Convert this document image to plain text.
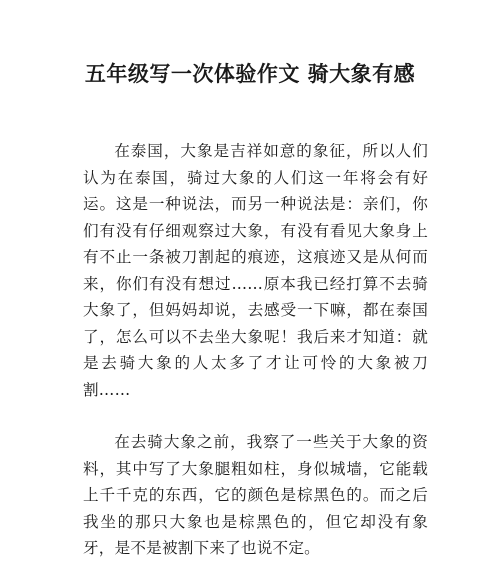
五年级写一次体验作文 骑大象有感

在泰国，大象是吉祥如意的象征，所以人们认为在泰国，骑过大象的人们这一年将会有好运。这是一种说法，而另一种说法是：亲们，你们有没有仔细观察过大象，有没有看见大象身上有不止一条被刀割起的痕迹，这痕迹又是从何而来，你们有没有想过……原本我已经打算不去骑大象了，但妈妈却说，去感受一下嘛，都在泰国了，怎么可以不去坐大象呢！我后来才知道：就是去骑大象的人太多了才让可怜的大象被刀割……

在去骑大象之前，我察了一些关于大象的资料，其中写了大象腿粗如柱，身似城墙，它能载上千千克的东西，它的颜色是棕黑色的。而之后我坐的那只大象也是棕黑色的，但它却没有象牙，是不是被割下来了也说不定。
